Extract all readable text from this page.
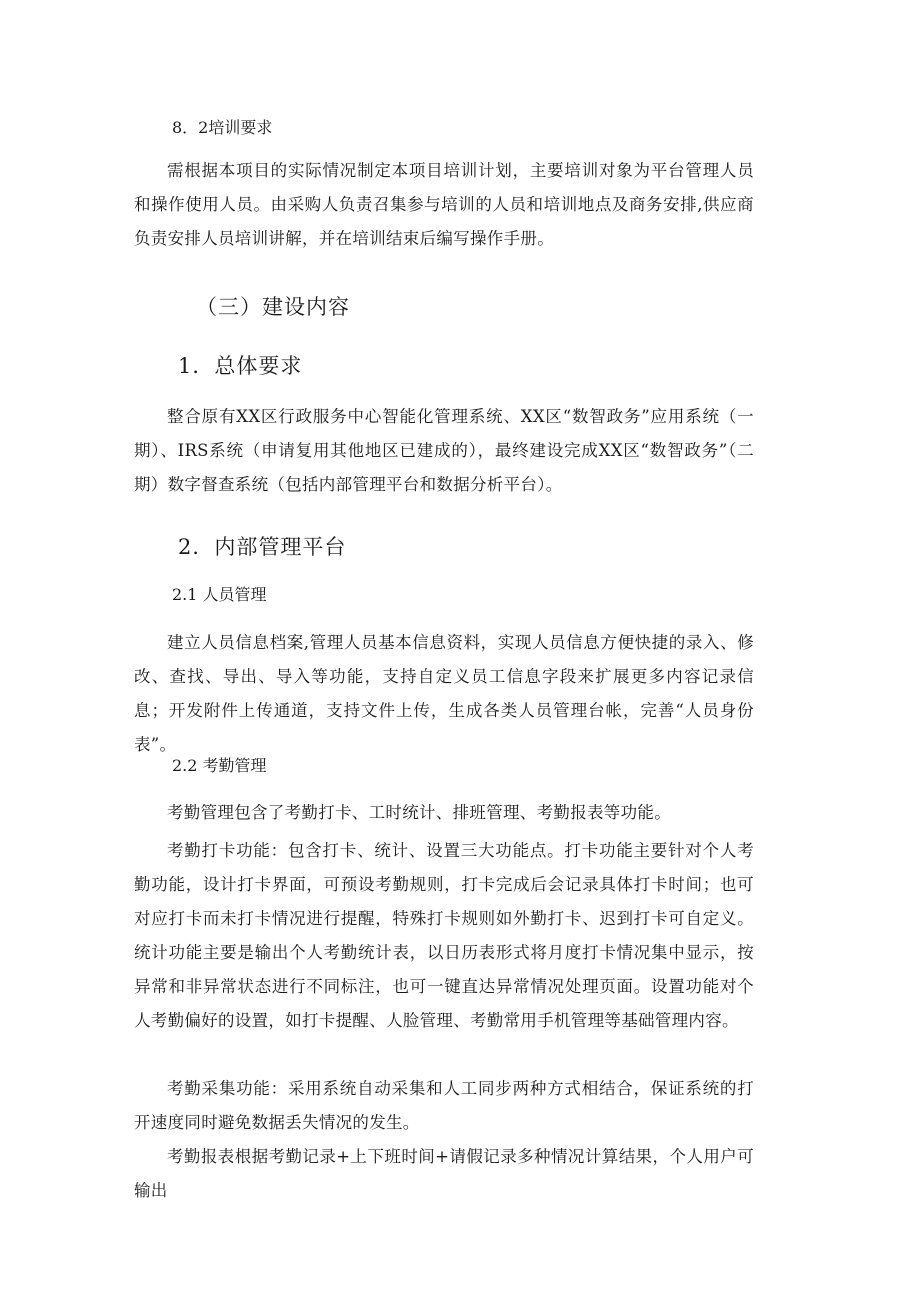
8．2培训要求

需根据本项目的实际情况制定本项目培训计划，主要培训对象为平台管理人员和操作使用人员。由采购人负责召集参与培训的人员和培训地点及商务安排,供应商负责安排人员培训讲解，并在培训结束后编写操作手册。

（三）建设内容
1．总体要求

整合原有XX区行政服务中心智能化管理系统、XX区“数智政务”应用系统（一期）、IRS系统（申请复用其他地区已建成的），最终建设完成XX区“数智政务”（二期）数字督查系统（包括内部管理平台和数据分析平台）。

2．内部管理平台
2.1 人员管理

建立人员信息档案,管理人员基本信息资料，实现人员信息方便快捷的录入、修改、查找、导出、导入等功能，支持自定义员工信息字段来扩展更多内容记录信息；开发附件上传通道，支持文件上传，生成各类人员管理台帐，完善“人员身份表”。

2.2 考勤管理

考勤管理包含了考勤打卡、工时统计、排班管理、考勤报表等功能。

考勤打卡功能：包含打卡、统计、设置三大功能点。打卡功能主要针对个人考勤功能，设计打卡界面，可预设考勤规则，打卡完成后会记录具体打卡时间；也可对应打卡而未打卡情况进行提醒，特殊打卡规则如外勤打卡、迟到打卡可自定义。统计功能主要是输出个人考勤统计表，以日历表形式将月度打卡情况集中显示，按异常和非异常状态进行不同标注，也可一键直达异常情况处理页面。设置功能对个人考勤偏好的设置，如打卡提醒、人脸管理、考勤常用手机管理等基础管理内容。

考勤采集功能：采用系统自动采集和人工同步两种方式相结合，保证系统的打开速度同时避免数据丢失情况的发生。

考勤报表根据考勤记录+上下班时间+请假记录多种情况计算结果，个人用户可输出
